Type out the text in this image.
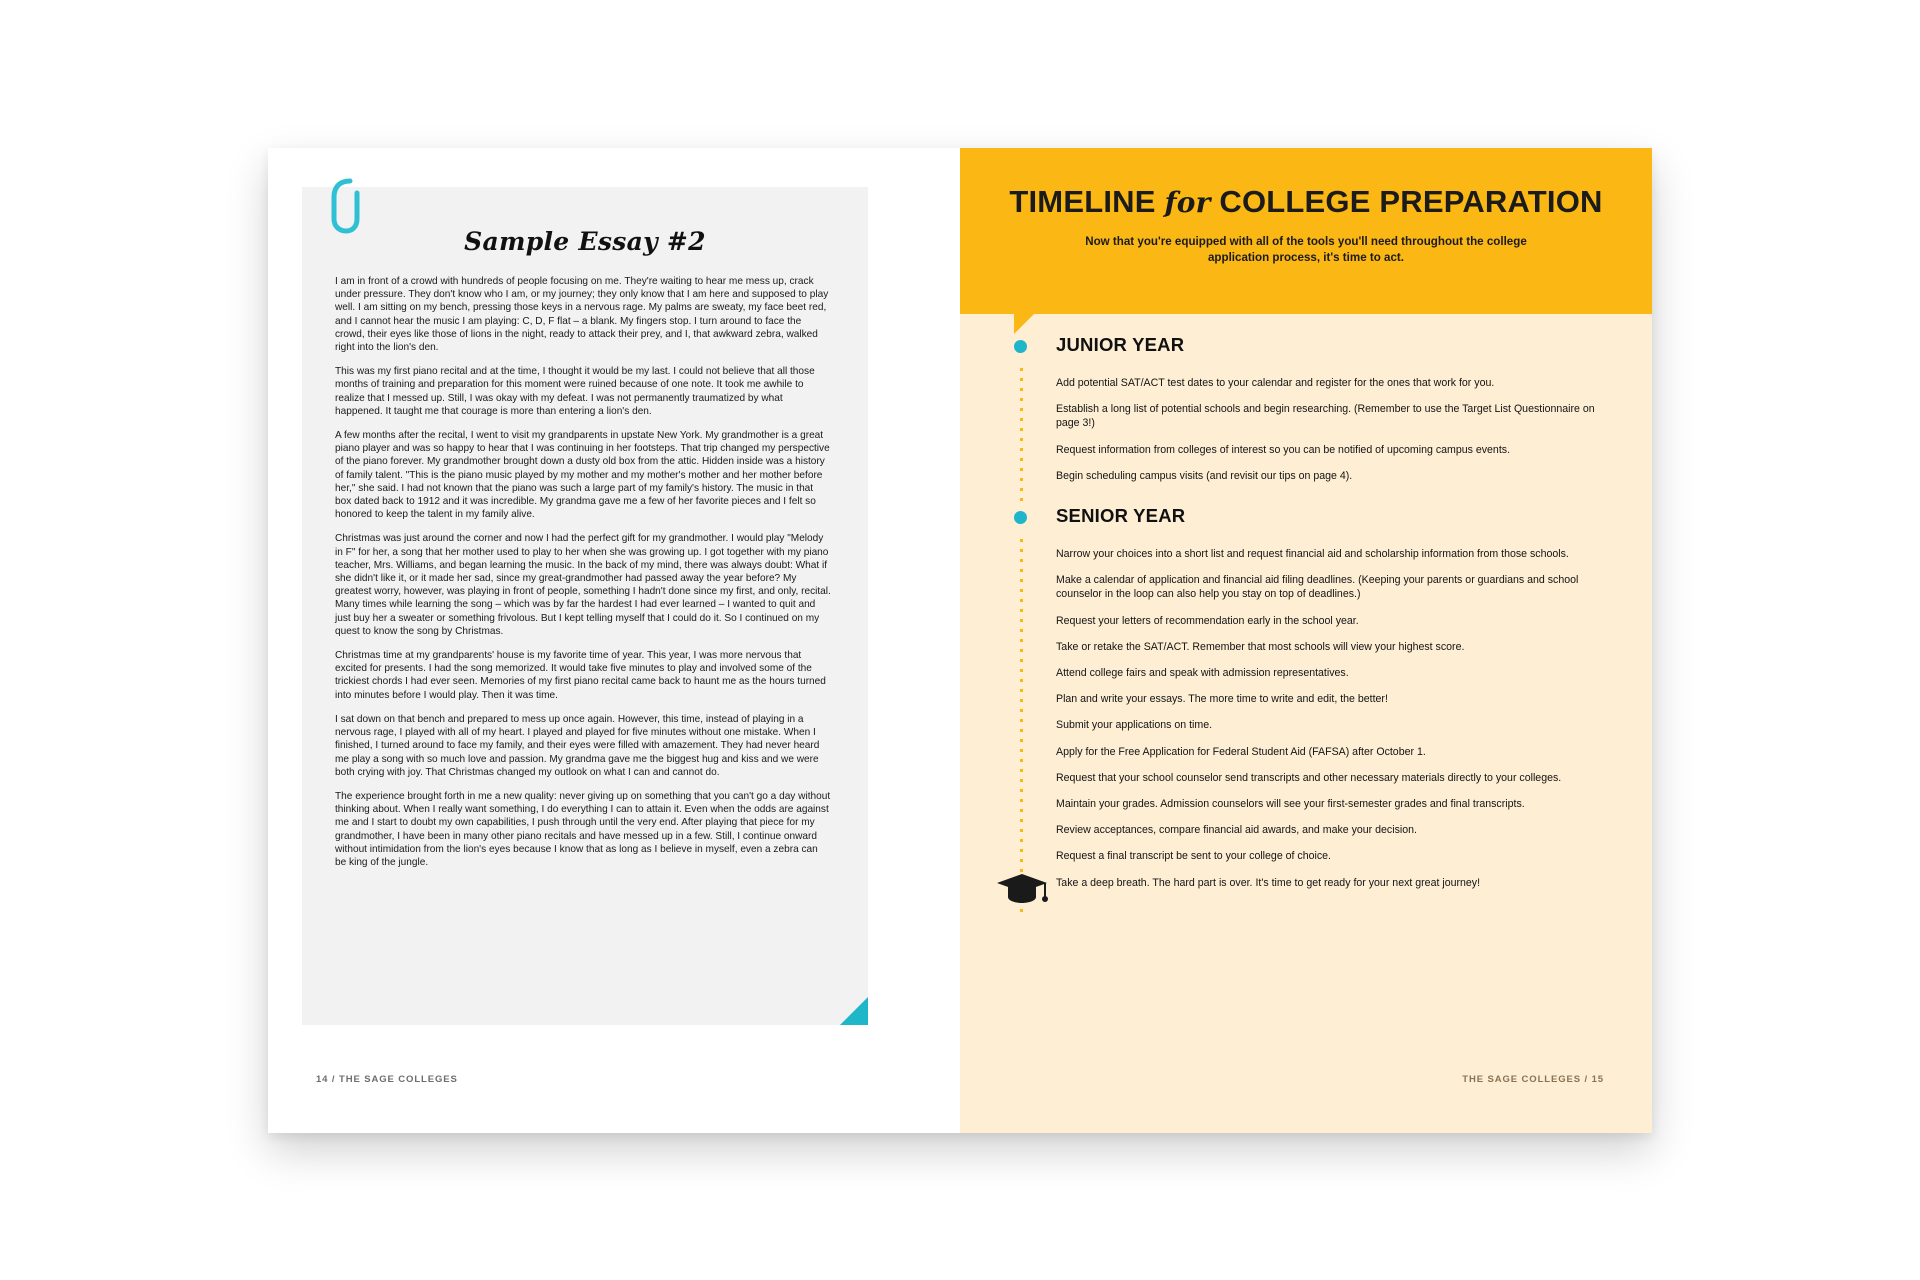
Sample Essay #2

I am in front of a crowd with hundreds of people focusing on me. They're waiting to hear me mess up, crack under pressure. They don't know who I am, or my journey; they only know that I am here and supposed to play well. I am sitting on my bench, pressing those keys in a nervous rage. My palms are sweaty, my face beet red, and I cannot hear the music I am playing: C, D, F flat – a blank. My fingers stop. I turn around to face the crowd, their eyes like those of lions in the night, ready to attack their prey, and I, that awkward zebra, walked right into the lion's den.

This was my first piano recital and at the time, I thought it would be my last. I could not believe that all those months of training and preparation for this moment were ruined because of one note. It took me awhile to realize that I messed up. Still, I was okay with my defeat. I was not permanently traumatized by what happened. It taught me that courage is more than entering a lion's den.

A few months after the recital, I went to visit my grandparents in upstate New York. My grandmother is a great piano player and was so happy to hear that I was continuing in her footsteps. That trip changed my perspective of the piano forever. My grandmother brought down a dusty old box from the attic. Hidden inside was a history of family talent. "This is the piano music played by my mother and my mother's mother and her mother before her," she said. I had not known that the piano was such a large part of my family's history. The music in that box dated back to 1912 and it was incredible. My grandma gave me a few of her favorite pieces and I felt so honored to keep the talent in my family alive.

Christmas was just around the corner and now I had the perfect gift for my grandmother. I would play "Melody in F" for her, a song that her mother used to play to her when she was growing up. I got together with my piano teacher, Mrs. Williams, and began learning the music. In the back of my mind, there was always doubt: What if she didn't like it, or it made her sad, since my great-grandmother had passed away the year before? My greatest worry, however, was playing in front of people, something I hadn't done since my first, and only, recital. Many times while learning the song – which was by far the hardest I had ever learned – I wanted to quit and just buy her a sweater or something frivolous. But I kept telling myself that I could do it. So I continued on my quest to know the song by Christmas.

Christmas time at my grandparents' house is my favorite time of year. This year, I was more nervous that excited for presents. I had the song memorized. It would take five minutes to play and involved some of the trickiest chords I had ever seen. Memories of my first piano recital came back to haunt me as the hours turned into minutes before I would play. Then it was time.

I sat down on that bench and prepared to mess up once again. However, this time, instead of playing in a nervous rage, I played with all of my heart. I played and played for five minutes without one mistake. When I finished, I turned around to face my family, and their eyes were filled with amazement. They had never heard me play a song with so much love and passion. My grandma gave me the biggest hug and kiss and we were both crying with joy. That Christmas changed my outlook on what I can and cannot do.

The experience brought forth in me a new quality: never giving up on something that you can't go a day without thinking about. When I really want something, I do everything I can to attain it. Even when the odds are against me and I start to doubt my own capabilities, I push through until the very end. After playing that piece for my grandmother, I have been in many other piano recitals and have messed up in a few. Still, I continue onward without intimidation from the lion's eyes because I know that as long as I believe in myself, even a zebra can be king of the jungle.

14 / THE SAGE COLLEGES
TIMELINE for COLLEGE PREPARATION
Now that you're equipped with all of the tools you'll need throughout the college application process, it's time to act.
JUNIOR YEAR
Add potential SAT/ACT test dates to your calendar and register for the ones that work for you.
Establish a long list of potential schools and begin researching. (Remember to use the Target List Questionnaire on page 3!)
Request information from colleges of interest so you can be notified of upcoming campus events.
Begin scheduling campus visits (and revisit our tips on page 4).
SENIOR YEAR
Narrow your choices into a short list and request financial aid and scholarship information from those schools.
Make a calendar of application and financial aid filing deadlines. (Keeping your parents or guardians and school counselor in the loop can also help you stay on top of deadlines.)
Request your letters of recommendation early in the school year.
Take or retake the SAT/ACT. Remember that most schools will view your highest score.
Attend college fairs and speak with admission representatives.
Plan and write your essays. The more time to write and edit, the better!
Submit your applications on time.
Apply for the Free Application for Federal Student Aid (FAFSA) after October 1.
Request that your school counselor send transcripts and other necessary materials directly to your colleges.
Maintain your grades. Admission counselors will see your first-semester grades and final transcripts.
Review acceptances, compare financial aid awards, and make your decision.
Request a final transcript be sent to your college of choice.
Take a deep breath. The hard part is over. It's time to get ready for your next great journey!
THE SAGE COLLEGES / 15
